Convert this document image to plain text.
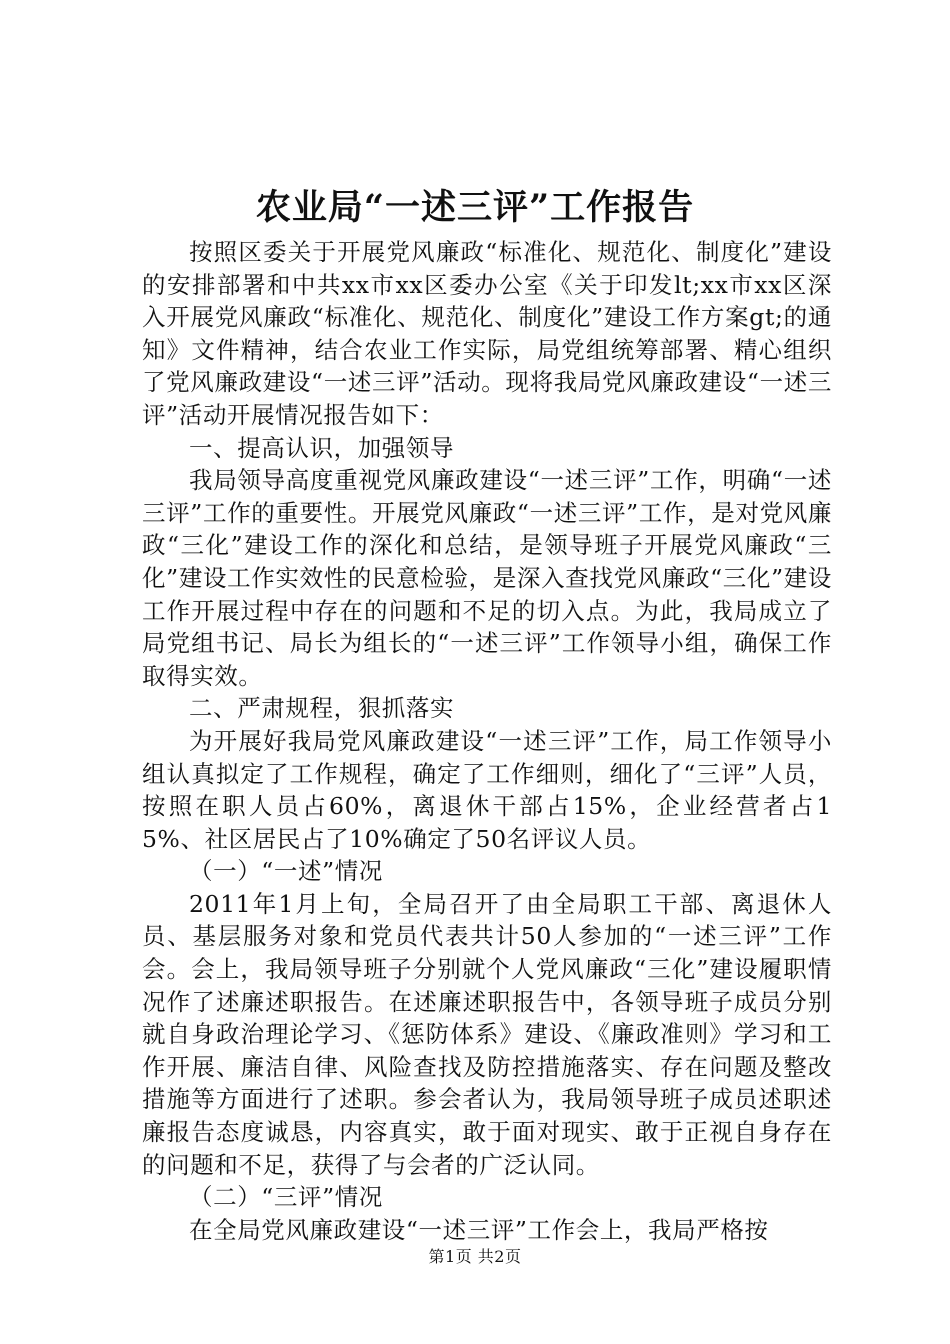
农业局“一述三评”工作报告

按照区委关于开展党风廉政“标准化、规范化、制度化”建设的安排部署和中共xx市xx区委办公室《关于印发lt;xx市xx区深入开展党风廉政“标准化、规范化、制度化”建设工作方案gt;的通知》文件精神，结合农业工作实际，局党组统筹部署、精心组织了党风廉政建设“一述三评”活动。现将我局党风廉政建设“一述三评”活动开展情况报告如下：

一、提高认识，加强领导

我局领导高度重视党风廉政建设“一述三评”工作，明确“一述三评”工作的重要性。开展党风廉政“一述三评”工作，是对党风廉政“三化”建设工作的深化和总结，是领导班子开展党风廉政“三化”建设工作实效性的民意检验，是深入查找党风廉政“三化”建设工作开展过程中存在的问题和不足的切入点。为此，我局成立了局党组书记、局长为组长的“一述三评”工作领导小组，确保工作取得实效。

二、严肃规程，狠抓落实

为开展好我局党风廉政建设“一述三评”工作，局工作领导小组认真拟定了工作规程，确定了工作细则，细化了“三评”人员，按照在职人员占60%，离退休干部占15%，企业经营者占15%、社区居民占了10%确定了50名评议人员。

（一）“一述”情况

2011年1月上旬，全局召开了由全局职工干部、离退休人员、基层服务对象和党员代表共计50人参加的“一述三评”工作会。会上，我局领导班子分别就个人党风廉政“三化”建设履职情况作了述廉述职报告。在述廉述职报告中，各领导班子成员分别就自身政治理论学习、《惩防体系》建设、《廉政准则》学习和工作开展、廉洁自律、风险查找及防控措施落实、存在问题及整改措施等方面进行了述职。参会者认为，我局领导班子成员述职述廉报告态度诚恳，内容真实，敢于面对现实、敢于正视自身存在的问题和不足，获得了与会者的广泛认同。

（二）“三评”情况

在全局党风廉政建设“一述三评”工作会上，我局严格按

第1页 共2页
